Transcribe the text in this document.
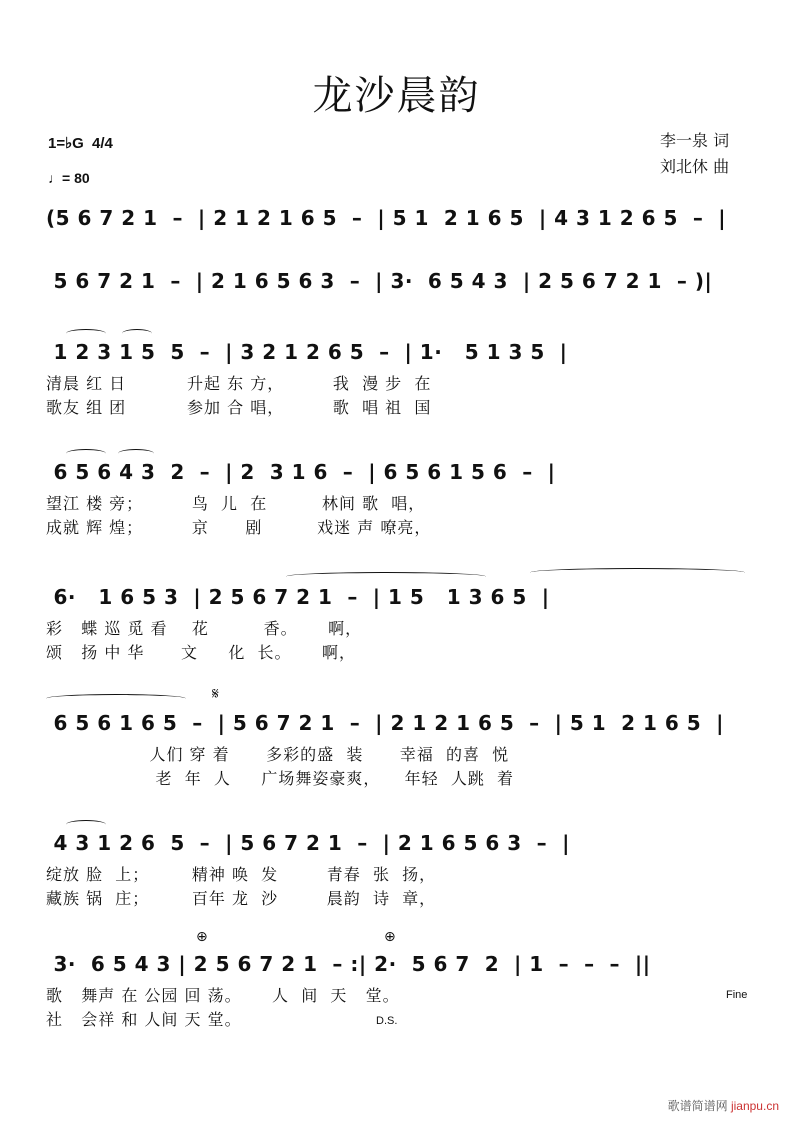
龙沙晨韵
1=♭G 4/4
♩= 80
李一泉 词
刘北休 曲
(5 6 7 2 1  –  | 2 1 2 1 6 5  –  | 5 1  2 1 6 5  | 4 3 1 2 6 5  –  |
5 6 7 2 1  –  | 2 1 6 5 6 3  –  | 3·  6 5 4 3  | 2 5 6 7 2 1  – )|
1 2 3 1 5  5  –  | 3 2 1 2 6 5  –  | 1·   5 1 3 5  |
清晨 红 日          升起 东 方，        我  漫 步  在
歌友 组 团          参加 合 唱，        歌  唱 祖  国
6 5 6 4 3  2  –  | 2  3 1 6  –  | 6 5 6 1 5 6  –  |
望江 楼 旁；        鸟  儿  在         林间 歌  唱，
成就 辉 煌；        京      剧         戏迷 声 嘹亮，
6·   1 6 5 3  | 2 5 6 7 2 1  –  | 1 5   1 3 6 5  |
彩   蝶 巡 觅 看    花         香。     啊，
颂   扬 中 华      文     化  长。     啊，
𝄋
6 5 6 1 6 5  –  | 5 6 7 2 1  –  | 2 1 2 1 6 5  –  | 5 1  2 1 6 5  |
人们 穿 着      多彩的盛  装      幸福  的喜  悦
老  年  人     广场舞姿豪爽，    年轻  人跳  着
4 3 1 2 6  5  –  | 5 6 7 2 1  –  | 2 1 6 5 6 3  –  |
绽放 脸  上；       精神 唤  发        青春  张  扬，
藏族 锅  庄；       百年 龙  沙        晨韵  诗  章，
⊕	⊕
3·  6 5 4 3 | 2 5 6 7 2 1  – :| 2·  5 6 7  2  | 1  –  –  –  ||
歌   舞声 在 公园 回 荡。     人  间  天   堂。
社   会祥 和 人间 天 堂。	D.S.
Fine
歌谱简谱网 jianpu.cn
